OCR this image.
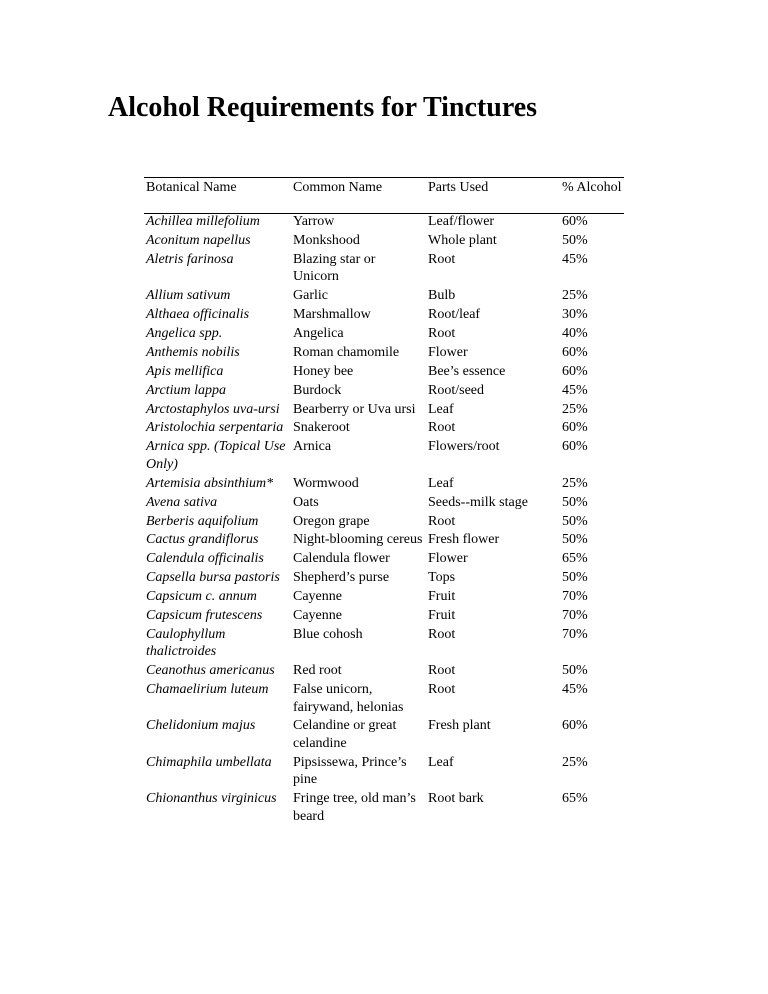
Alcohol Requirements for Tinctures
Botanical Name	Common Name	Parts Used	% Alcohol
Achillea millefolium	Yarrow	Leaf/flower	60%
Aconitum napellus	Monkshood	Whole plant	50%
Aletris farinosa	Blazing star or Unicorn	Root	45%
Allium sativum	Garlic	Bulb	25%
Althaea officinalis	Marshmallow	Root/leaf	30%
Angelica spp.	Angelica	Root	40%
Anthemis nobilis	Roman chamomile	Flower	60%
Apis mellifica	Honey bee	Bee’s essence	60%
Arctium lappa	Burdock	Root/seed	45%
Arctostaphylos uva-ursi	Bearberry or Uva ursi	Leaf	25%
Aristolochia serpentaria	Snakeroot	Root	60%
Arnica spp. (Topical Use Only)	Arnica	Flowers/root	60%
Artemisia absinthium*	Wormwood	Leaf	25%
Avena sativa	Oats	Seeds--milk stage	50%
Berberis aquifolium	Oregon grape	Root	50%
Cactus grandiflorus	Night-blooming cereus	Fresh flower	50%
Calendula officinalis	Calendula flower	Flower	65%
Capsella bursa pastoris	Shepherd’s purse	Tops	50%
Capsicum c. annum	Cayenne	Fruit	70%
Capsicum frutescens	Cayenne	Fruit	70%
Caulophyllum thalictroides	Blue cohosh	Root	70%
Ceanothus americanus	Red root	Root	50%
Chamaelirium luteum	False unicorn, fairywand, helonias	Root	45%
Chelidonium majus	Celandine or great celandine	Fresh plant	60%
Chimaphila umbellata	Pipsissewa, Prince’s pine	Leaf	25%
Chionanthus virginicus	Fringe tree, old man’s beard	Root bark	65%
